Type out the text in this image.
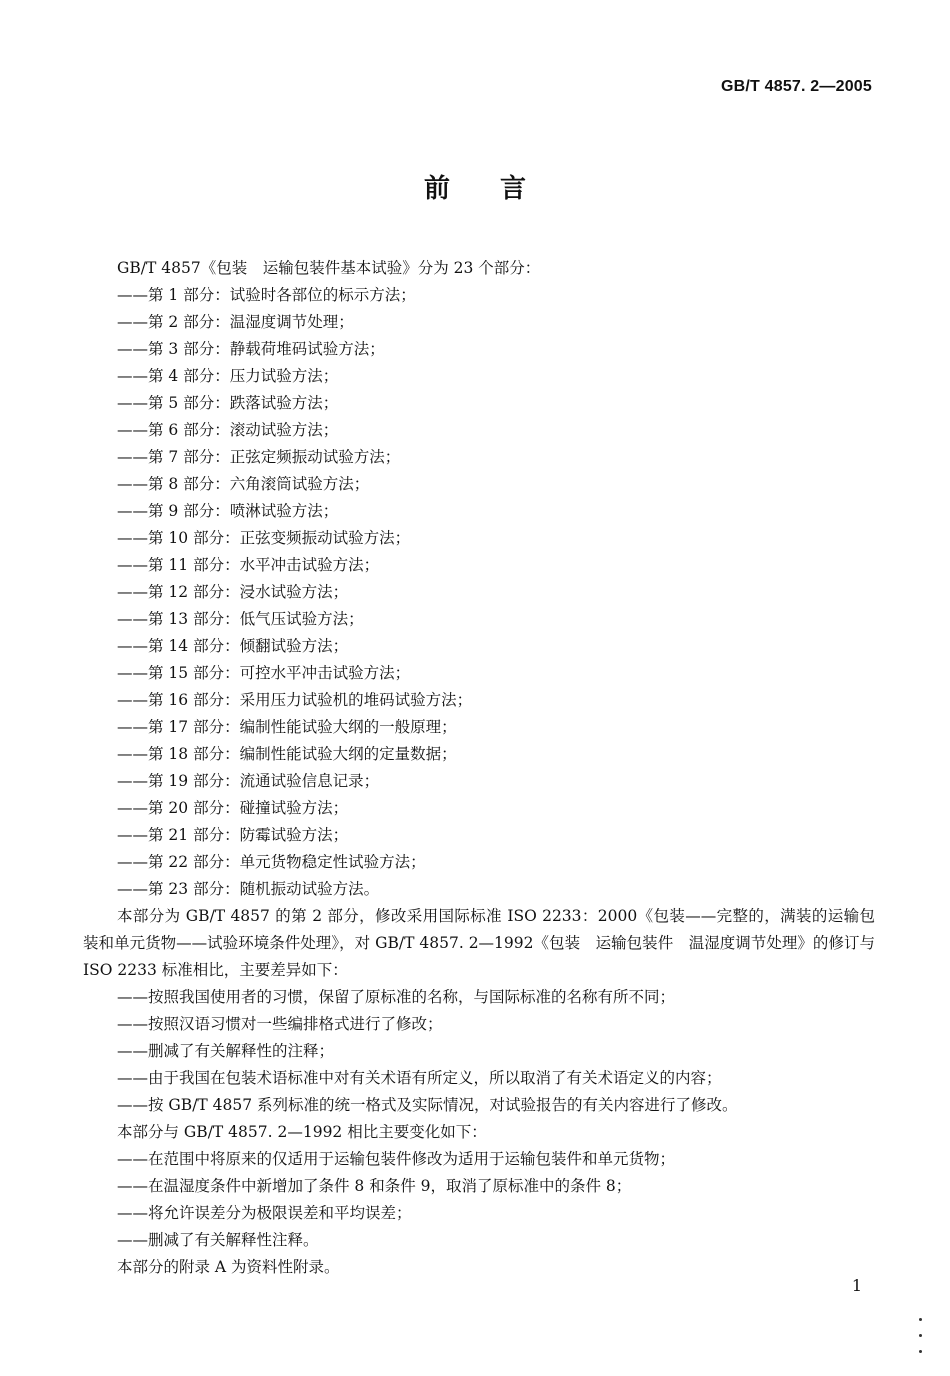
GB/T 4857. 2—2005
前言

GB/T 4857《包装　运输包装件基本试验》分为 23 个部分：

——第 1 部分：试验时各部位的标示方法；

——第 2 部分：温湿度调节处理；

——第 3 部分：静载荷堆码试验方法；

——第 4 部分：压力试验方法；

——第 5 部分：跌落试验方法；

——第 6 部分：滚动试验方法；

——第 7 部分：正弦定频振动试验方法；

——第 8 部分：六角滚筒试验方法；

——第 9 部分：喷淋试验方法；

——第 10 部分：正弦变频振动试验方法；

——第 11 部分：水平冲击试验方法；

——第 12 部分：浸水试验方法；

——第 13 部分：低气压试验方法；

——第 14 部分：倾翻试验方法；

——第 15 部分：可控水平冲击试验方法；

——第 16 部分：采用压力试验机的堆码试验方法；

——第 17 部分：编制性能试验大纲的一般原理；

——第 18 部分：编制性能试验大纲的定量数据；

——第 19 部分：流通试验信息记录；

——第 20 部分：碰撞试验方法；

——第 21 部分：防霉试验方法；

——第 22 部分：单元货物稳定性试验方法；

——第 23 部分：随机振动试验方法。

本部分为 GB/T 4857 的第 2 部分，修改采用国际标准 ISO 2233：2000《包装——完整的，满装的运输包装和单元货物——试验环境条件处理》，对 GB/T 4857. 2—1992《包装　运输包装件　温湿度调节处理》的修订与 ISO 2233 标准相比，主要差异如下：

——按照我国使用者的习惯，保留了原标准的名称，与国际标准的名称有所不同；

——按照汉语习惯对一些编排格式进行了修改；

——删减了有关解释性的注释；

——由于我国在包装术语标准中对有关术语有所定义，所以取消了有关术语定义的内容；

——按 GB/T 4857 系列标准的统一格式及实际情况，对试验报告的有关内容进行了修改。

本部分与 GB/T 4857. 2—1992 相比主要变化如下：

——在范围中将原来的仅适用于运输包装件修改为适用于运输包装件和单元货物；

——在温湿度条件中新增加了条件 8 和条件 9，取消了原标准中的条件 8；

——将允许误差分为极限误差和平均误差；

——删减了有关解释性注释。

本部分的附录 A 为资料性附录。

1
